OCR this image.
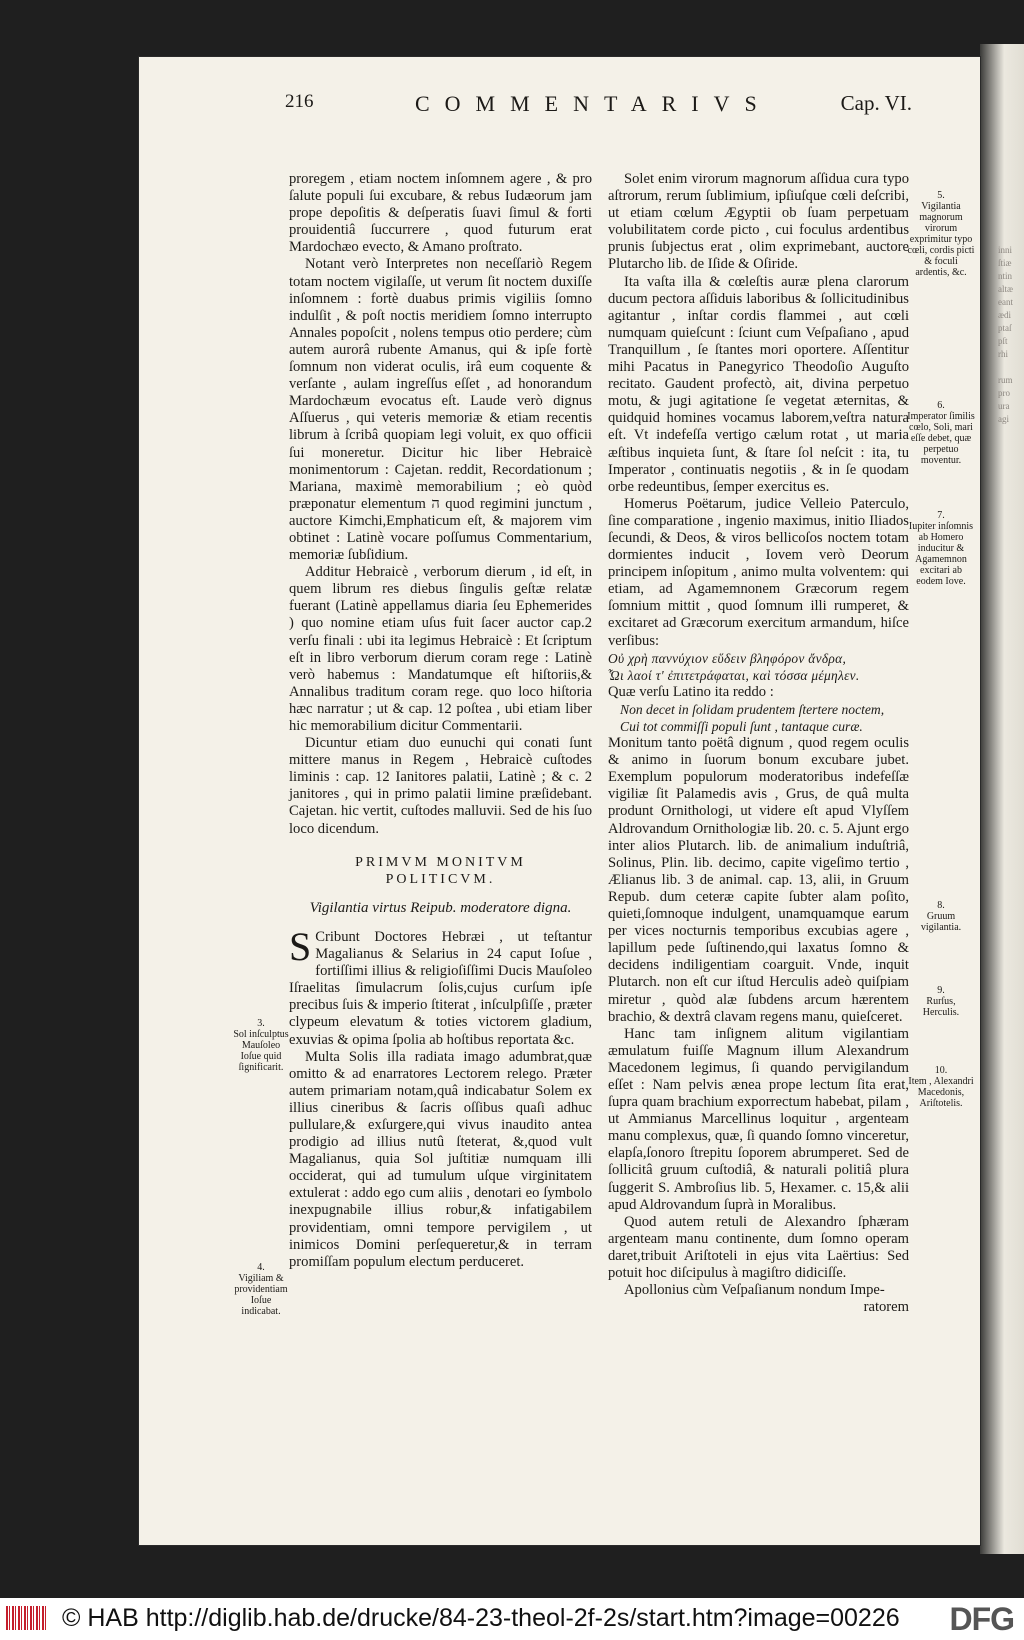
inni
ſtiæ
ntin
altæ
eant
ædi
ptaſ
pſt
rhi

rum
pro
ura
agi
216	COMMENTARIVS	Cap. VI.

proregem , etiam noctem inſomnem agere , & pro ſalute populi ſui excubare, & rebus Iudæorum jam prope depoſitis & deſperatis ſuavi ſimul & forti prouidentiâ ſuccurrere , quod futurum erat Mardochæo evecto, & Amano proſtrato.

Notant verò Interpretes non neceſſariò Regem totam noctem vigilaſſe, ut verum ſit noctem duxiſſe inſomnem : fortè duabus primis vigiliis ſomno indulſit , & poſt noctis meridiem ſomno interrupto Annales popoſcit , nolens tempus otio perdere; cùm autem aurorâ rubente Amanus, qui & ipſe fortè ſomnum non viderat oculis, irâ eum coquente & verſante , aulam ingreſſus eſſet , ad honorandum Mardochæum evocatus eſt. Laude verò dignus Aſſuerus , qui veteris memoriæ & etiam recentis librum à ſcribâ quopiam legi voluit, ex quo officii ſui moneretur. Dicitur hic liber Hebraicè monimentorum : Cajetan. reddit, Recordationum ; Mariana, maximè memorabilium ; eò quòd præponatur elementum ה quod regimini junctum , auctore Kimchi,Emphaticum eſt, & majorem vim obtinet : Latinè vocare poſſumus Commentarium, memoriæ ſubſidium.

Additur Hebraicè , verborum dierum , id eſt, in quem librum res diebus ſingulis geſtæ relatæ fuerant (Latinè appellamus diaria ſeu Ephemerides ) quo nomine etiam uſus fuit ſacer auctor cap.2 verſu finali : ubi ita legimus Hebraicè : Et ſcriptum eſt in libro verborum dierum coram rege : Latinè verò habemus : Mandatumque eſt hiſtoriis,& Annalibus traditum coram rege. quo loco hiſtoria hæc narratur ; ut & cap. 12 poſtea , ubi etiam liber hic memorabilium dicitur Commentarii.

Dicuntur etiam duo eunuchi qui conati ſunt mittere manus in Regem , Hebraicè cuſtodes liminis : cap. 12 Ianitores palatii, Latinè ; & c. 2 janitores , qui in primo palatii limine præſidebant. Cajetan. hic vertit, cuſtodes malluvii. Sed de his ſuo loco dicendum.

PRIMVM MONITVM
POLITICVM.
Vigilantia virtus Reipub. moderatore digna.

S Cribunt Doctores Hebræi , ut teſtantur Magalianus & Selarius in 24 caput Ioſue , fortiſſimi illius & religioſiſſimi Ducis Mauſoleo Iſraelitas ſimulacrum ſolis,cujus curſum ipſe precibus ſuis & imperio ſtiterat , inſculpſiſſe , præter clypeum elevatum & toties victorem gladium, exuvias & opima ſpolia ab hoſtibus reportata &c.

Multa Solis illa radiata imago adumbrat,quæ omitto & ad enarratores Lectorem relego. Præter autem primariam notam,quâ indicabatur Solem ex illius cineribus & ſacris oſſibus quaſi adhuc pullulare,& exſurgere,qui vivus inaudito antea prodigio ad illius nutû ſteterat, &,quod vult Magalianus, quia Sol juſtitiæ numquam illi occiderat, qui ad tumulum uſque virginitatem extulerat : addo ego cum aliis , denotari eo ſymbolo inexpugnabile illius robur,& infatigabilem providentiam, omni tempore pervigilem , ut inimicos Domini perſequeretur,& in terram promiſſam populum electum perduceret.

Solet enim virorum magnorum aſſidua cura typo aſtrorum, rerum ſublimium, ipſiuſque cœli deſcribi, ut etiam cœlum Ægyptii ob ſuam perpetuam volubilitatem corde picto , cui foculus ardentibus prunis ſubjectus erat , olim exprimebant, auctore Plutarcho lib. de Iſide & Oſiride.

Ita vaſta illa & cœleſtis auræ plena clarorum ducum pectora aſſiduis laboribus & ſollicitudinibus agitantur , inſtar cordis flammei , aut cœli numquam quieſcunt : ſciunt cum Veſpaſiano , apud Tranquillum , ſe ſtantes mori oportere. Aſſentitur mihi Pacatus in Panegyrico Theodoſio Auguſto recitato. Gaudent profectò, ait, divina perpetuo motu, & jugi agitatione ſe vegetat æternitas, & quidquid homines vocamus laborem,veſtra natura eſt. Vt indefeſſa vertigo cælum rotat , ut maria æſtibus inquieta ſunt, & ſtare ſol neſcit : ita, tu Imperator , continuatis negotiis , & in ſe quodam orbe redeuntibus, ſemper exercitus es.

Homerus Poëtarum, judice Velleio Paterculo, ſine comparatione , ingenio maximus, initio Iliados ſecundi, & Deos, & viros bellicoſos noctem totam dormientes inducit , Iovem verò Deorum principem inſopitum , animo multa volventem: qui etiam, ad Agamemnonem Græcorum regem ſomnium mittit , quod ſomnum illi rumperet, & excitaret ad Græcorum exercitum armandum, hiſce verſibus:

Οὐ χρὴ παννύχιον εὕδειν βληφόρον ἄνδρα,

Ὧι λαοί τ' ἐπιτετράφαται, καὶ τόσσα μέμηλεν.

Quæ verſu Latino ita reddo :

Non decet in ſolidam prudentem ſtertere noctem,

Cui tot commiſſi populi ſunt , tantaque curæ.

Monitum tanto poëtâ dignum , quod regem oculis & animo in ſuorum bonum excubare jubet. Exemplum populorum moderatoribus indefeſſæ vigiliæ ſit Palamedis avis , Grus, de quâ multa produnt Ornithologi, ut videre eſt apud Vlyſſem Aldrovandum Ornithologiæ lib. 20. c. 5. Ajunt ergo inter alios Plutarch. lib. de animalium induſtriâ, Solinus, Plin. lib. decimo, capite vigeſimo tertio , Ælianus lib. 3 de animal. cap. 13, alii, in Gruum Repub. dum ceteræ capite ſubter alam poſito, quieti,ſomnoque indulgent, unamquamque earum per vices nocturnis temporibus excubias agere , lapillum pede ſuſtinendo,qui laxatus ſomno & decidens indiligentiam coarguit. Vnde, inquit Plutarch. non eſt cur iſtud Herculis adeò quiſpiam miretur , quòd alæ ſubdens arcum hærentem brachio, & dextrâ clavam regens manu, quieſceret.

Hanc tam inſignem alitum vigilantiam æmulatum fuiſſe Magnum illum Alexandrum Macedonem legimus, ſi quando pervigilandum eſſet : Nam pelvis ænea prope lectum ſita erat, ſupra quam brachium exporrectum habebat, pilam , ut Ammianus Marcellinus loquitur , argenteam manu complexus, quæ, ſi quando ſomno vinceretur, elapſa,ſonoro ſtrepitu ſoporem abrumperet. Sed de ſollicitâ gruum cuſtodiâ, & naturali politiâ plura ſuggerit S. Ambroſius lib. 5, Hexamer. c. 15,& alii apud Aldrovandum ſuprà in Moralibus.

Quod autem retuli de Alexandro ſphæram argenteam manu continente, dum ſomno operam daret,tribuit Ariſtoteli in ejus vita Laërtius: Sed potuit hoc diſcipulus à magiſtro didiciſſe.

Apollonius cùm Veſpaſianum nondum Impe-

ratorem

3.
Sol inſculptus Mauſoleo Ioſue quid ſignificarit.
4.
Vigiliam & providentiam Ioſue indicabat.
5.
Vigilantia magnorum virorum exprimitur typo cœli, cordis picti & foculi ardentis, &c.
6.
Imperator ſimilis cœlo, Soli, mari eſſe debet, quæ perpetuo moventur.
7.
Iupiter inſomnis ab Homero inducitur & Agamemnon excitari ab eodem Iove.
8.
Gruum vigilantia.
9.
Rurſus, Herculis.
10.
Item , Alexandri Macedonis, Ariſtotelis.
© HAB http://diglib.hab.de/drucke/84-23-theol-2f-2s/start.htm?image=00226 DFG
